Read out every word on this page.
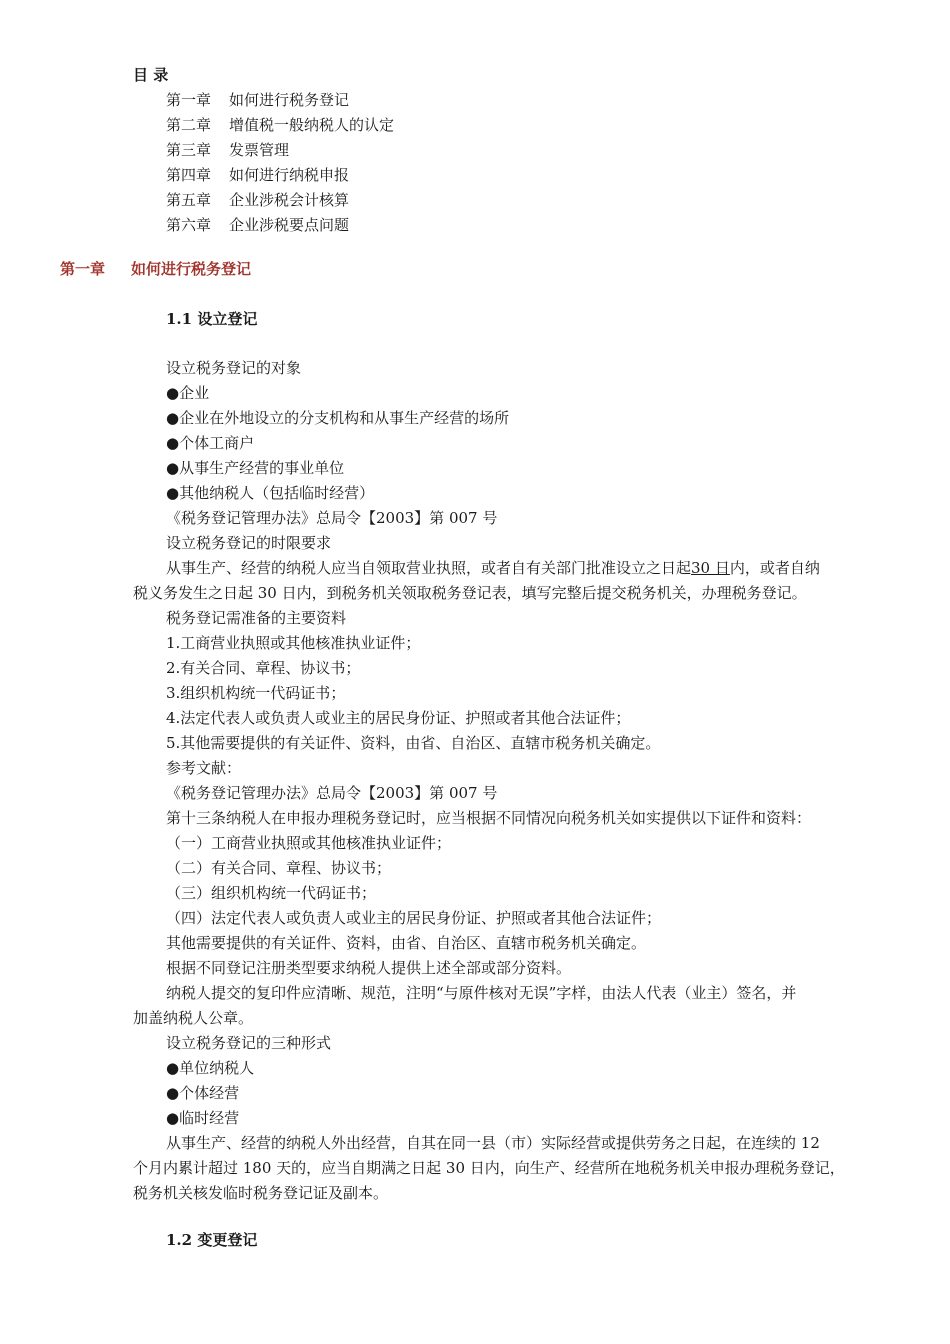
目 录
第一章 如何进行税务登记
第二章 增值税一般纳税人的认定
第三章 发票管理
第四章 如何进行纳税申报
第五章 企业涉税会计核算
第六章 企业涉税要点问题
第一章 如何进行税务登记
1.1 设立登记
设立税务登记的对象
●企业
●企业在外地设立的分支机构和从事生产经营的场所
●个体工商户
●从事生产经营的事业单位
●其他纳税人（包括临时经营）
《税务登记管理办法》总局令【2003】第 007 号
设立税务登记的时限要求
从事生产、经营的纳税人应当自领取营业执照，或者自有关部门批准设立之日起30 日内，或者自纳
税义务发生之日起 30 日内，到税务机关领取税务登记表，填写完整后提交税务机关，办理税务登记。
税务登记需准备的主要资料
1.工商营业执照或其他核准执业证件；
2.有关合同、章程、协议书；
3.组织机构统一代码证书；
4.法定代表人或负责人或业主的居民身份证、护照或者其他合法证件；
5.其他需要提供的有关证件、资料，由省、自治区、直辖市税务机关确定。
参考文献：
《税务登记管理办法》总局令【2003】第 007 号
第十三条纳税人在申报办理税务登记时，应当根据不同情况向税务机关如实提供以下证件和资料：
（一）工商营业执照或其他核准执业证件；
（二）有关合同、章程、协议书；
（三）组织机构统一代码证书；
（四）法定代表人或负责人或业主的居民身份证、护照或者其他合法证件；
其他需要提供的有关证件、资料，由省、自治区、直辖市税务机关确定。
根据不同登记注册类型要求纳税人提供上述全部或部分资料。
纳税人提交的复印件应清晰、规范，注明“与原件核对无误”字样，由法人代表（业主）签名，并
加盖纳税人公章。
设立税务登记的三种形式
●单位纳税人
●个体经营
●临时经营
从事生产、经营的纳税人外出经营，自其在同一县（市）实际经营或提供劳务之日起，在连续的 12
个月内累计超过 180 天的，应当自期满之日起 30 日内，向生产、经营所在地税务机关申报办理税务登记，
税务机关核发临时税务登记证及副本。
1.2 变更登记
